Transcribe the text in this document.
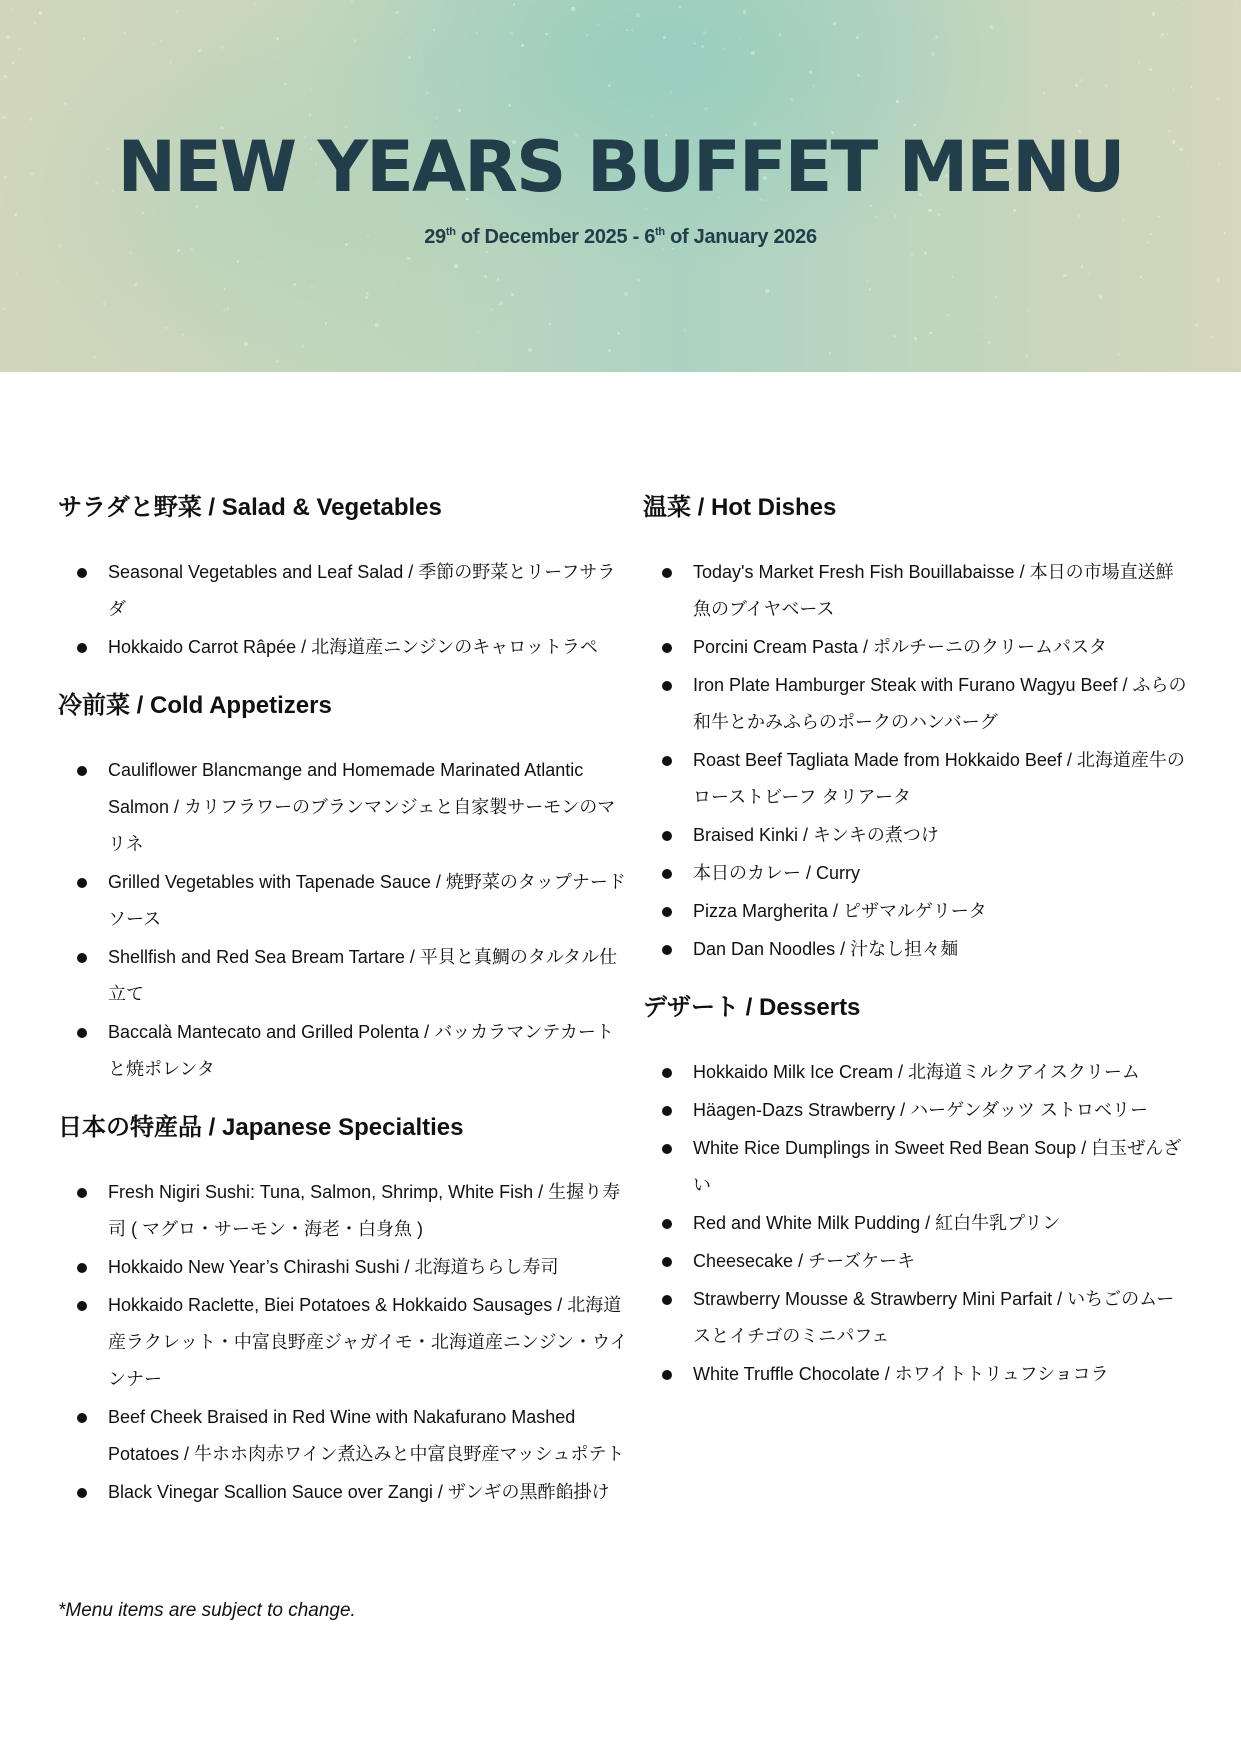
NEW YEARS BUFFET MENU
29th of December 2025 - 6th of January 2026
サラダと野菜 / Salad & Vegetables
Seasonal Vegetables and Leaf Salad / 季節の野菜とリーフサラダ
Hokkaido Carrot Râpée / 北海道産ニンジンのキャロットラペ
冷前菜 / Cold Appetizers
Cauliflower Blancmange and Homemade Marinated Atlantic Salmon / カリフラワーのブランマンジェと自家製サーモンのマリネ
Grilled Vegetables with Tapenade Sauce / 焼野菜のタップナードソース
Shellfish and Red Sea Bream Tartare / 平貝と真鯛のタルタル仕立て
Baccalà Mantecato and Grilled Polenta / バッカラマンテカートと焼ポレンタ
日本の特産品 / Japanese Specialties
Fresh Nigiri Sushi: Tuna, Salmon, Shrimp, White Fish / 生握り寿司 ( マグロ・サーモン・海老・白身魚 )
Hokkaido New Year’s Chirashi Sushi / 北海道ちらし寿司
Hokkaido Raclette, Biei Potatoes & Hokkaido Sausages / 北海道産ラクレット・中富良野産ジャガイモ・北海道産ニンジン・ウインナー
Beef Cheek Braised in Red Wine with Nakafurano Mashed Potatoes / 牛ホホ肉赤ワイン煮込みと中富良野産マッシュポテト
Black Vinegar Scallion Sauce over Zangi / ザンギの黒酢餡掛け
温菜 / Hot Dishes
Today's Market Fresh Fish Bouillabaisse / 本日の市場直送鮮魚のブイヤベース
Porcini Cream Pasta / ポルチーニのクリームパスタ
Iron Plate Hamburger Steak with Furano Wagyu Beef / ふらの和牛とかみふらのポークのハンバーグ
Roast Beef Tagliata Made from Hokkaido Beef / 北海道産牛のローストビーフ タリアータ
Braised Kinki / キンキの煮つけ
本日のカレー / Curry
Pizza Margherita / ピザマルゲリータ
Dan Dan Noodles / 汁なし担々麺
デザート / Desserts
Hokkaido Milk Ice Cream / 北海道ミルクアイスクリーム
Häagen-Dazs Strawberry / ハーゲンダッツ ストロベリー
White Rice Dumplings in Sweet Red Bean Soup / 白玉ぜんざい
Red and White Milk Pudding / 紅白牛乳プリン
Cheesecake / チーズケーキ
Strawberry Mousse & Strawberry Mini Parfait / いちごのムースとイチゴのミニパフェ
White Truffle Chocolate / ホワイトトリュフショコラ
*Menu items are subject to change.
